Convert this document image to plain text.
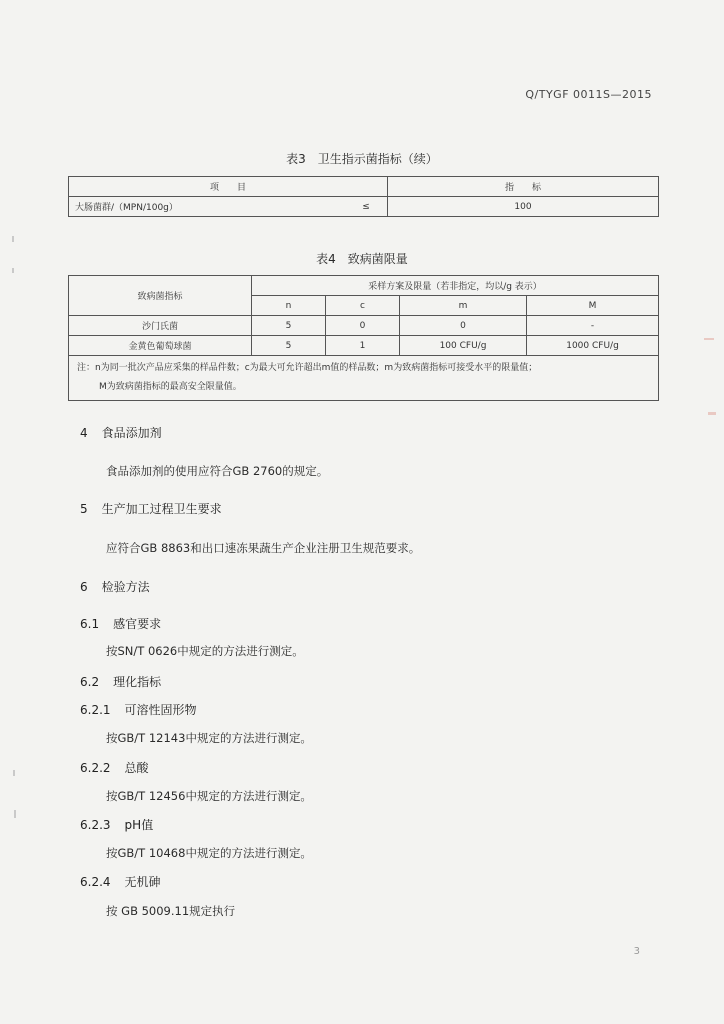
Q/TYGF 0011S—2015
表3　卫生指示菌指标（续）
项　　目		指　　标
大肠菌群/（MPN/100g）	≤	100
表4　致病菌限量
致病菌指标	采样方案及限量（若非指定，均以/g 表示）			
	n	c	m	M
沙门氏菌	5	0	0	-
金黄色葡萄球菌	5	1	100 CFU/g	1000 CFU/g

注：n为同一批次产品应采集的样品件数；c为最大可允许超出m值的样品数；m为致病菌指标可接受水平的限量值；
M为致病菌指标的最高安全限量值。				
4 食品添加剂
食品添加剂的使用应符合GB 2760的规定。
5 生产加工过程卫生要求
应符合GB 8863和出口速冻果蔬生产企业注册卫生规范要求。
6 检验方法
6.1 感官要求
按SN/T 0626中规定的方法进行测定。
6.2 理化指标
6.2.1 可溶性固形物
按GB/T 12143中规定的方法进行测定。
6.2.2 总酸
按GB/T 12456中规定的方法进行测定。
6.2.3 pH值
按GB/T 10468中规定的方法进行测定。
6.2.4 无机砷
按 GB 5009.11规定执行
3
